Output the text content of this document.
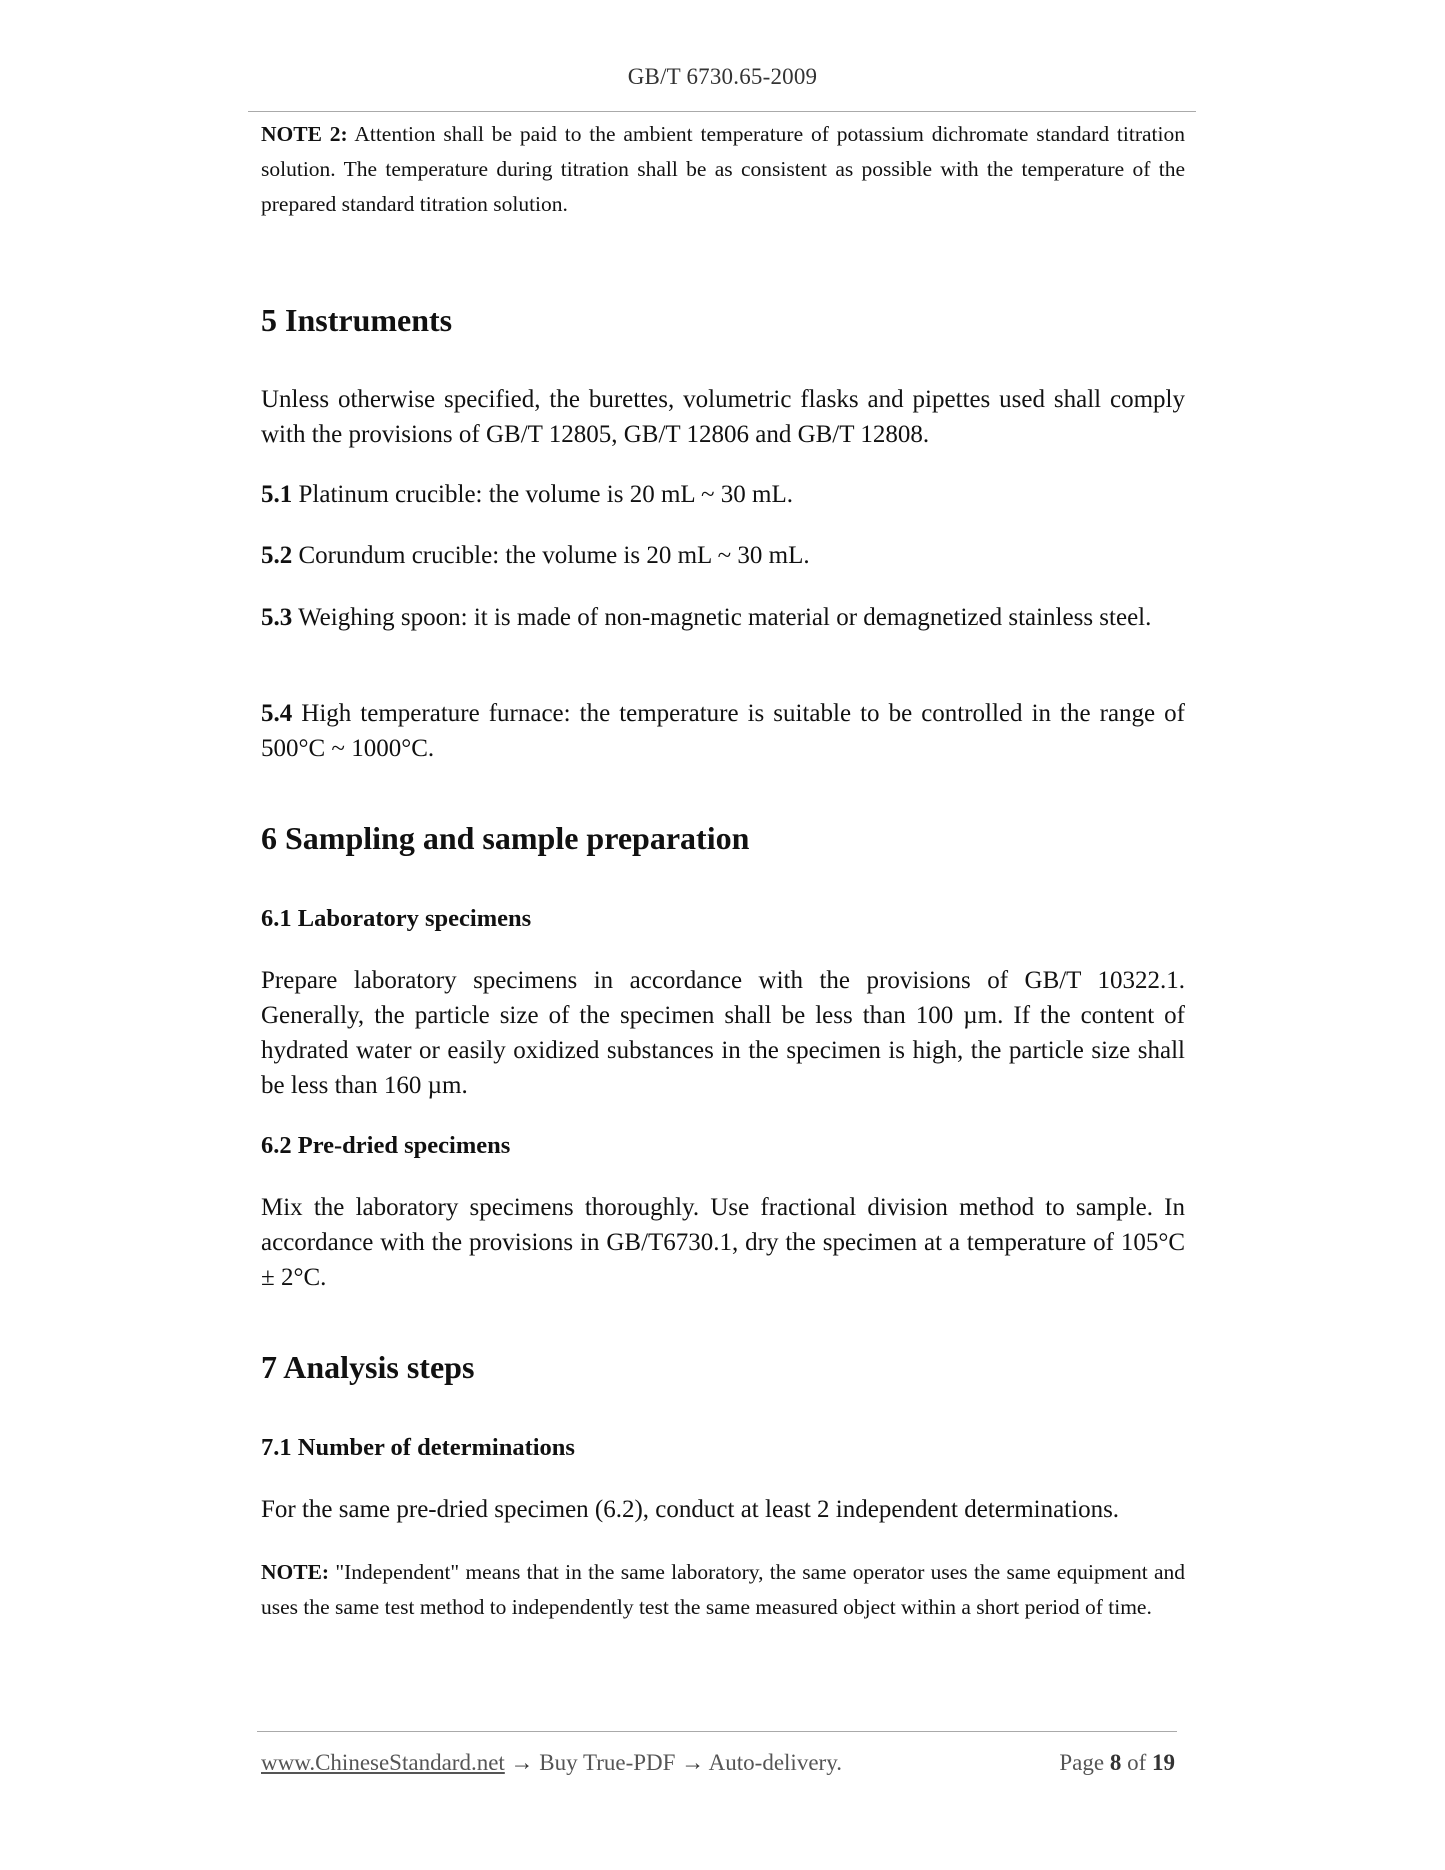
GB/T 6730.65-2009
NOTE 2: Attention shall be paid to the ambient temperature of potassium dichromate standard titration solution. The temperature during titration shall be as consistent as possible with the temperature of the prepared standard titration solution.
5 Instruments
Unless otherwise specified, the burettes, volumetric flasks and pipettes used shall comply with the provisions of GB/T 12805, GB/T 12806 and GB/T 12808.
5.1 Platinum crucible: the volume is 20 mL ~ 30 mL.
5.2 Corundum crucible: the volume is 20 mL ~ 30 mL.
5.3 Weighing spoon: it is made of non-magnetic material or demagnetized stainless steel.
5.4 High temperature furnace: the temperature is suitable to be controlled in the range of 500°C ~ 1000°C.
6 Sampling and sample preparation
6.1 Laboratory specimens
Prepare laboratory specimens in accordance with the provisions of GB/T 10322.1. Generally, the particle size of the specimen shall be less than 100 µm. If the content of hydrated water or easily oxidized substances in the specimen is high, the particle size shall be less than 160 µm.
6.2 Pre-dried specimens
Mix the laboratory specimens thoroughly. Use fractional division method to sample. In accordance with the provisions in GB/T6730.1, dry the specimen at a temperature of 105°C ± 2°C.
7 Analysis steps
7.1 Number of determinations
For the same pre-dried specimen (6.2), conduct at least 2 independent determinations.
NOTE: "Independent" means that in the same laboratory, the same operator uses the same equipment and uses the same test method to independently test the same measured object within a short period of time.
www.ChineseStandard.net → Buy True-PDF → Auto-delivery.	Page 8 of 19
